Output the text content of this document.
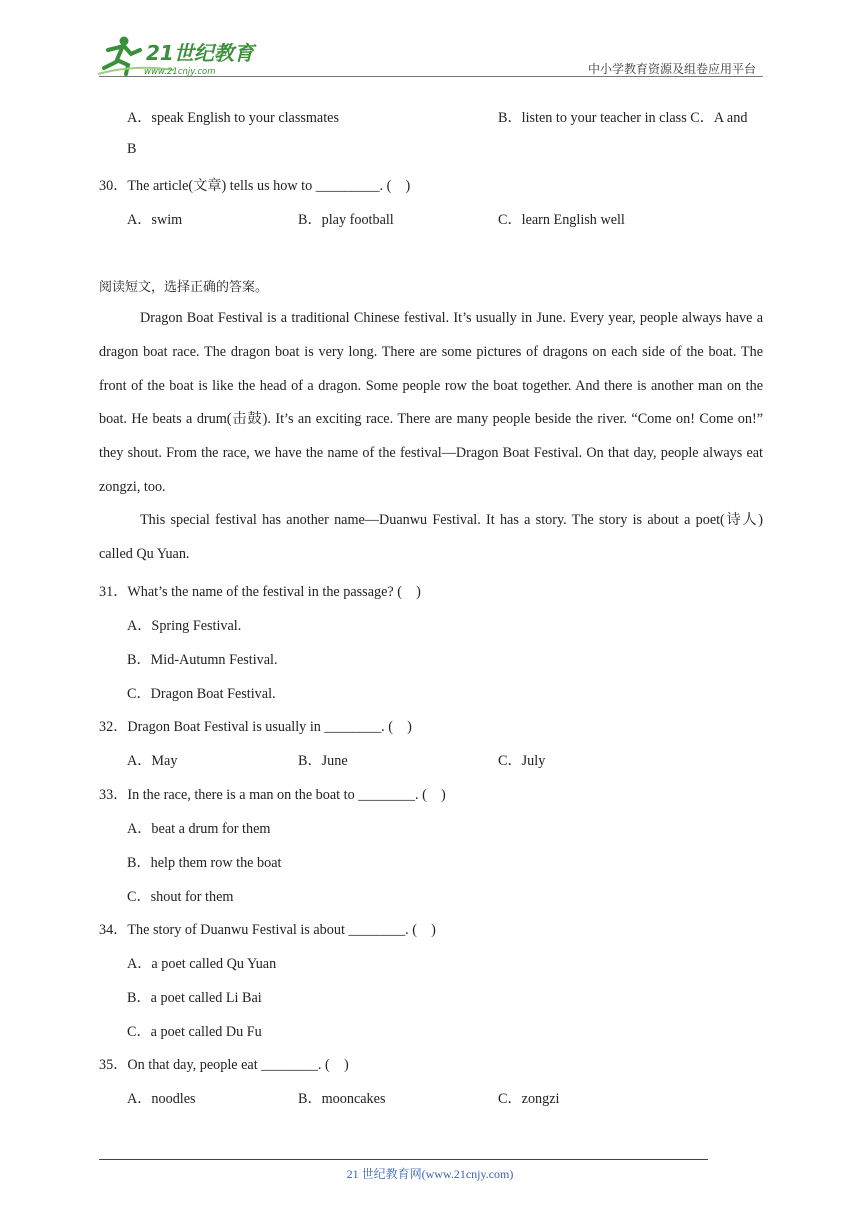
21世纪教育
www.21cnjy.com	中小学教育资源及组卷应用平台
A．speak English to your classmates	B．listen to your teacher in class C．A and
B
30．The article(文章) tells us how to _________. (　)
A．swim	B．play football	C．learn English well
阅读短文，选择正确的答案。
Dragon Boat Festival is a traditional Chinese festival. It’s usually in June. Every year, people always have a dragon boat race. The dragon boat is very long. There are some pictures of dragons on each side of the boat. The front of the boat is like the head of a dragon. Some people row the boat together. And there is another man on the boat. He beats a drum(击鼓). It’s an exciting race. There are many people beside the river. “Come on! Come on!” they shout. From the race, we have the name of the festival—Dragon Boat Festival. On that day, people always eat zongzi, too.
This special festival has another name—Duanwu Festival. It has a story. The story is about a poet(诗人) called Qu Yuan.
31．What’s the name of the festival in the passage? (　)
A．Spring Festival.
B．Mid-Autumn Festival.
C．Dragon Boat Festival.
32．Dragon Boat Festival is usually in ________. (　)
A．May	B．June	C．July
33．In the race, there is a man on the boat to ________. (　)
A．beat a drum for them
B．help them row the boat
C．shout for them
34．The story of Duanwu Festival is about ________. (　)
A．a poet called Qu Yuan
B．a poet called Li Bai
C．a poet called Du Fu
35．On that day, people eat ________. (　)
A．noodles	B．mooncakes	C．zongzi
21 世纪教育网(www.21cnjy.com)
